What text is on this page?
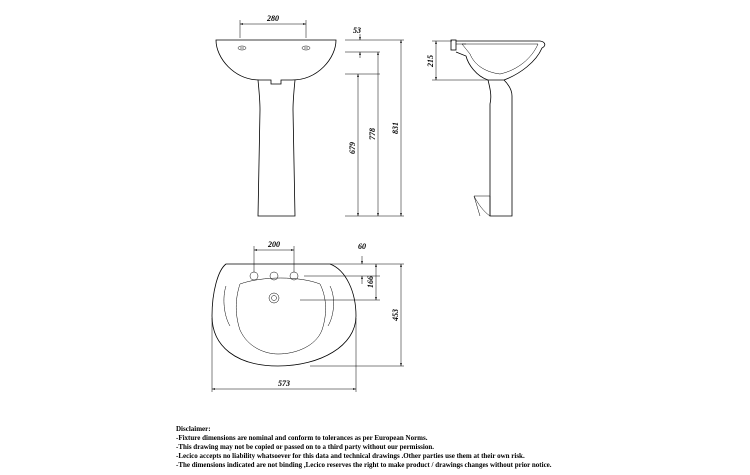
280
53
679
778 831
215
200	60
166
453
573
Disclaimer:
-Fixture dimensions are nominal and conform to tolerances as per European Norms.
-This drawing may not be copied or passed on to a third party without our permission.
-Lecico accepts no liability whatsoever for this data and technical drawings .Other parties use them at their own risk.
-The dimensions indicated are not binding ,Lecico reserves the right to make product / drawings changes without prior notice.
